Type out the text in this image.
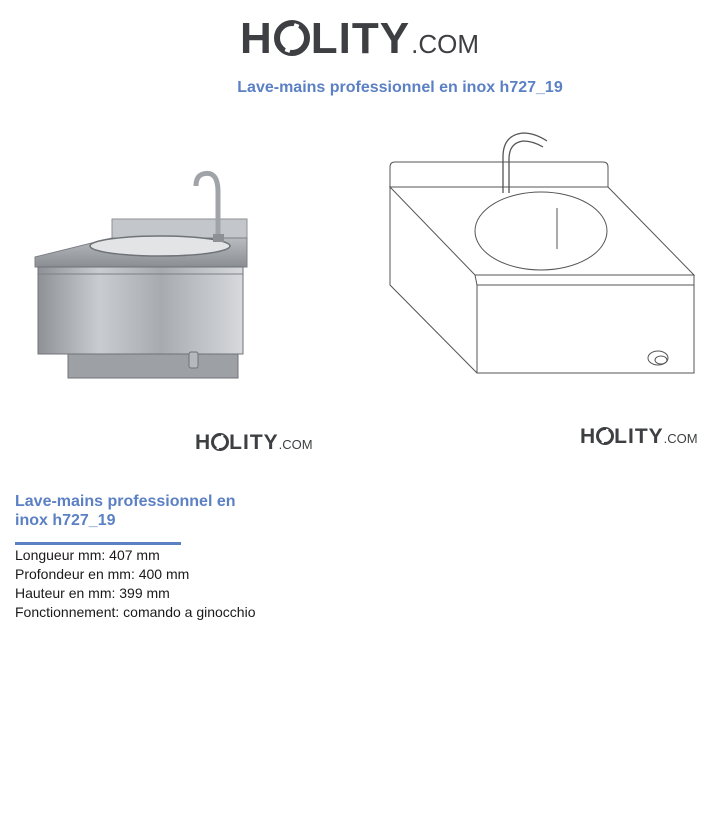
H LITY .COM
Lave-mains professionnel en inox h727_19
H LITY .COM	H LITY .COM
Lave-mains professionnel en inox h727_19
Longueur mm: 407 mm
Profondeur en mm: 400 mm
Hauteur en mm: 399 mm
Fonctionnement: comando a ginocchio
